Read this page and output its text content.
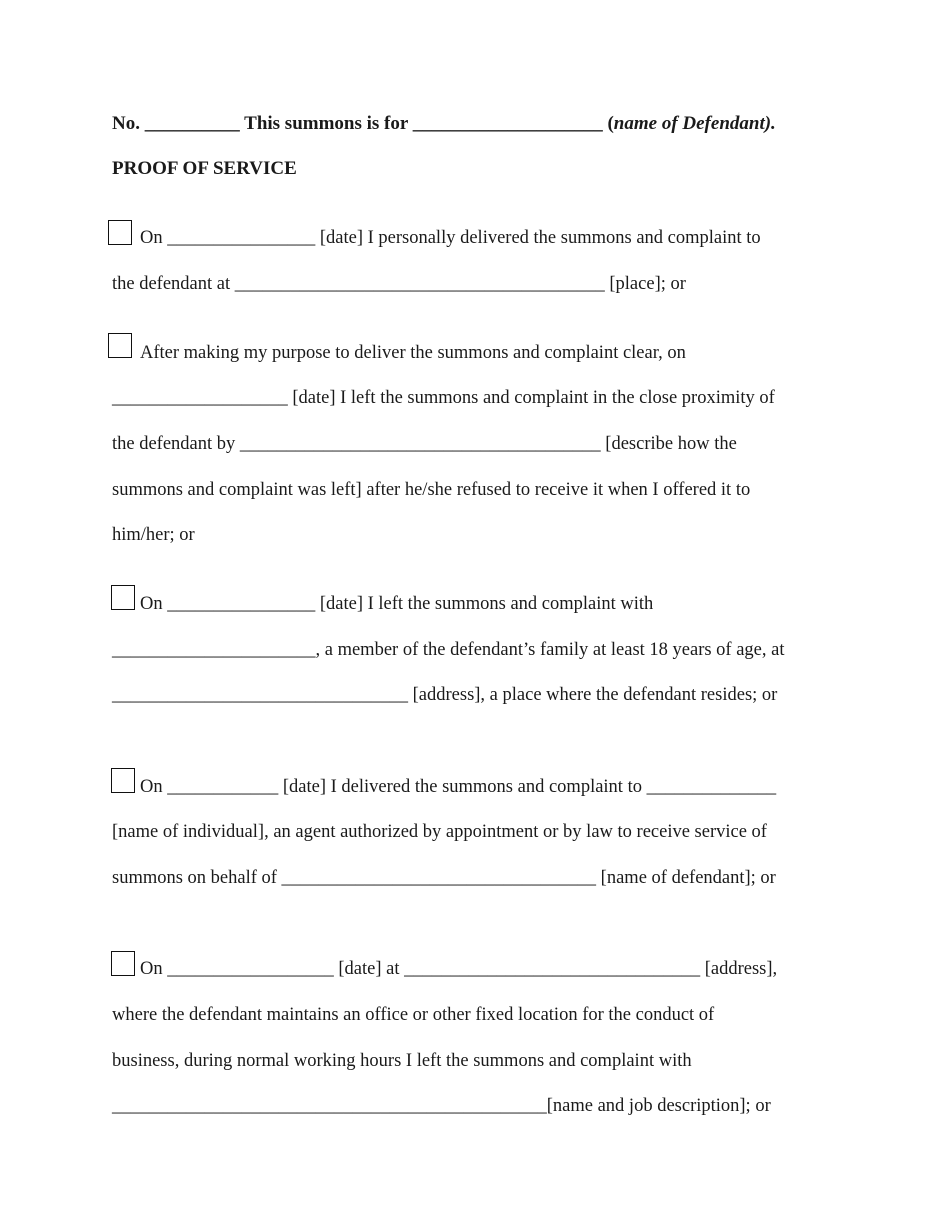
No. __________ This summons is for ____________________ (name of Defendant).
PROOF OF SERVICE
On ________________ [date] I personally delivered the summons and complaint to
the defendant at ________________________________________ [place]; or
After making my purpose to deliver the summons and complaint clear, on
___________________ [date] I left the summons and complaint in the close proximity of
the defendant by _______________________________________ [describe how the
summons and complaint was left] after he/she refused to receive it when I offered it to
him/her; or
On ________________ [date] I left the summons and complaint with
______________________, a member of the defendant’s family at least 18 years of age, at
________________________________ [address], a place where the defendant resides; or
On ____________ [date] I delivered the summons and complaint to ______________
[name of individual], an agent authorized by appointment or by law to receive service of
summons on behalf of __________________________________ [name of defendant]; or
On __________________ [date] at ________________________________ [address],
where the defendant maintains an office or other fixed location for the conduct of
business, during normal working hours I left the summons and complaint with
_______________________________________________[name and job description]; or
